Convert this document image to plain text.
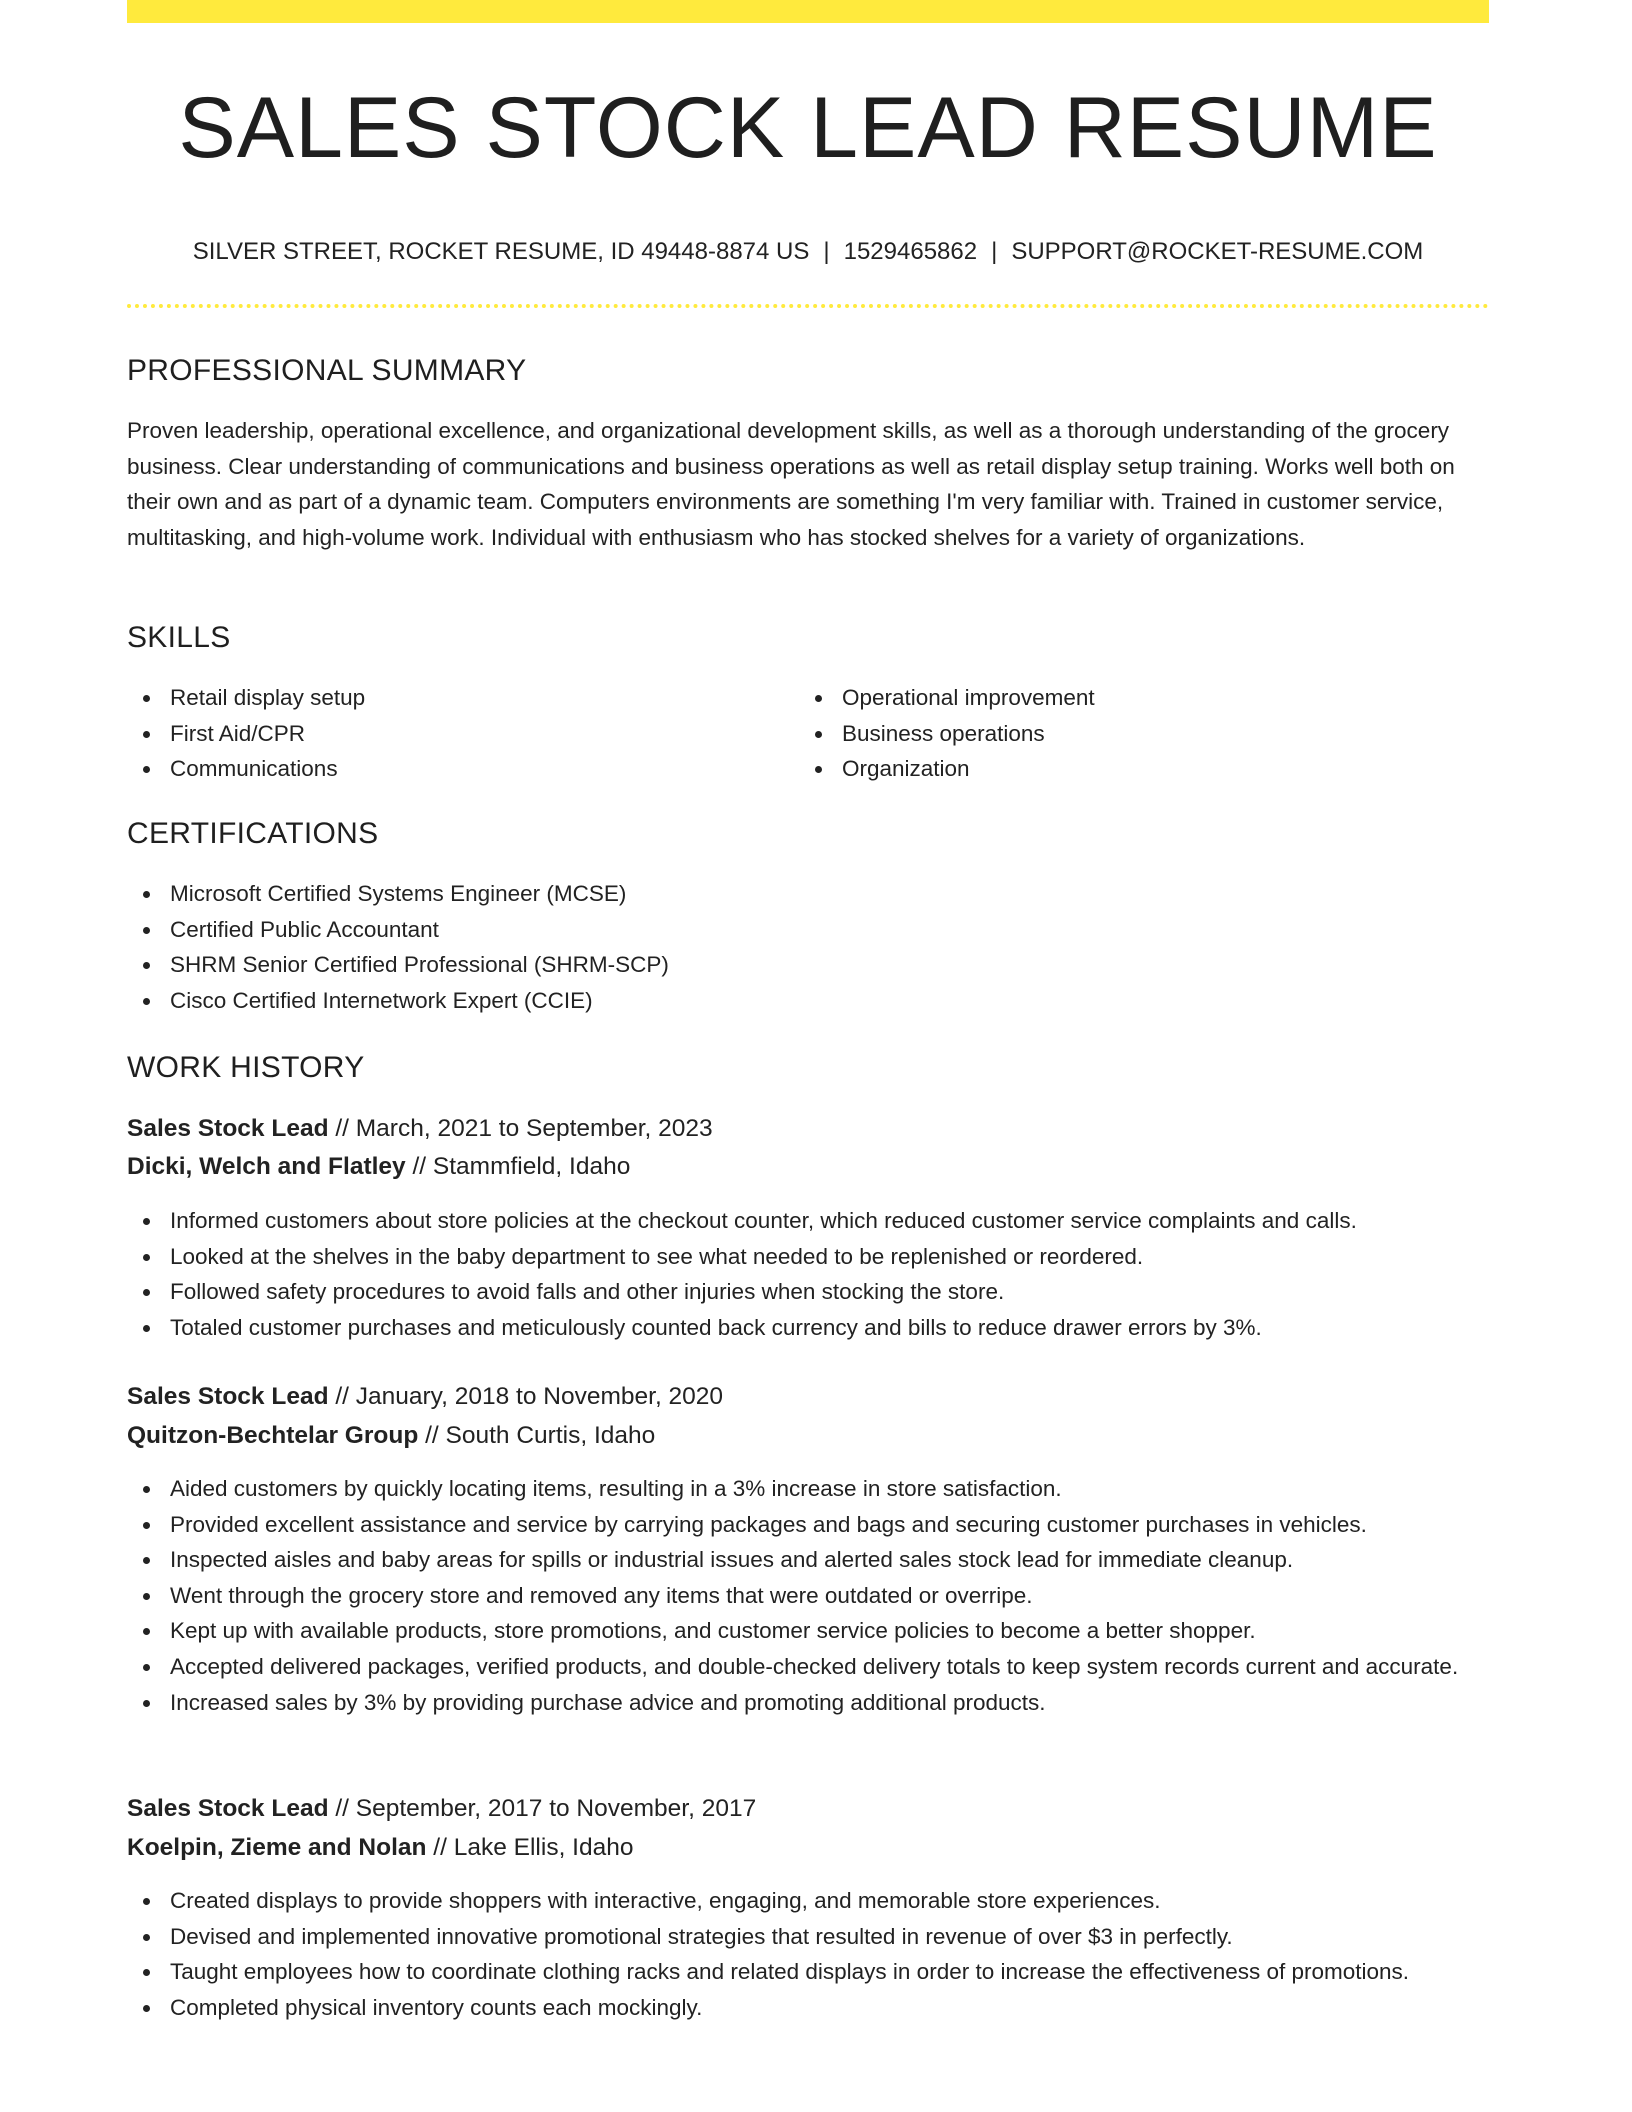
SALES STOCK LEAD RESUME
SILVER STREET, ROCKET RESUME, ID 49448-8874 US | 1529465862 | SUPPORT@ROCKET-RESUME.COM
PROFESSIONAL SUMMARY

Proven leadership, operational excellence, and organizational development skills, as well as a thorough understanding of the grocery business. Clear understanding of communications and business operations as well as retail display setup training. Works well both on their own and as part of a dynamic team. Computers environments are something I'm very familiar with. Trained in customer service, multitasking, and high-volume work. Individual with enthusiasm who has stocked shelves for a variety of organizations.

SKILLS
Retail display setup
First Aid/CPR
Communications
Operational improvement
Business operations
Organization
CERTIFICATIONS
Microsoft Certified Systems Engineer (MCSE)
Certified Public Accountant
SHRM Senior Certified Professional (SHRM-SCP)
Cisco Certified Internetwork Expert (CCIE)
WORK HISTORY
Sales Stock Lead // March, 2021 to September, 2023
Dicki, Welch and Flatley // Stammfield, Idaho
Informed customers about store policies at the checkout counter, which reduced customer service complaints and calls.
Looked at the shelves in the baby department to see what needed to be replenished or reordered.
Followed safety procedures to avoid falls and other injuries when stocking the store.
Totaled customer purchases and meticulously counted back currency and bills to reduce drawer errors by 3%.
Sales Stock Lead // January, 2018 to November, 2020
Quitzon-Bechtelar Group // South Curtis, Idaho
Aided customers by quickly locating items, resulting in a 3% increase in store satisfaction.
Provided excellent assistance and service by carrying packages and bags and securing customer purchases in vehicles.
Inspected aisles and baby areas for spills or industrial issues and alerted sales stock lead for immediate cleanup.
Went through the grocery store and removed any items that were outdated or overripe.
Kept up with available products, store promotions, and customer service policies to become a better shopper.
Accepted delivered packages, verified products, and double-checked delivery totals to keep system records current and accurate.
Increased sales by 3% by providing purchase advice and promoting additional products.
Sales Stock Lead // September, 2017 to November, 2017
Koelpin, Zieme and Nolan // Lake Ellis, Idaho
Created displays to provide shoppers with interactive, engaging, and memorable store experiences.
Devised and implemented innovative promotional strategies that resulted in revenue of over $3 in perfectly.
Taught employees how to coordinate clothing racks and related displays in order to increase the effectiveness of promotions.
Completed physical inventory counts each mockingly.
